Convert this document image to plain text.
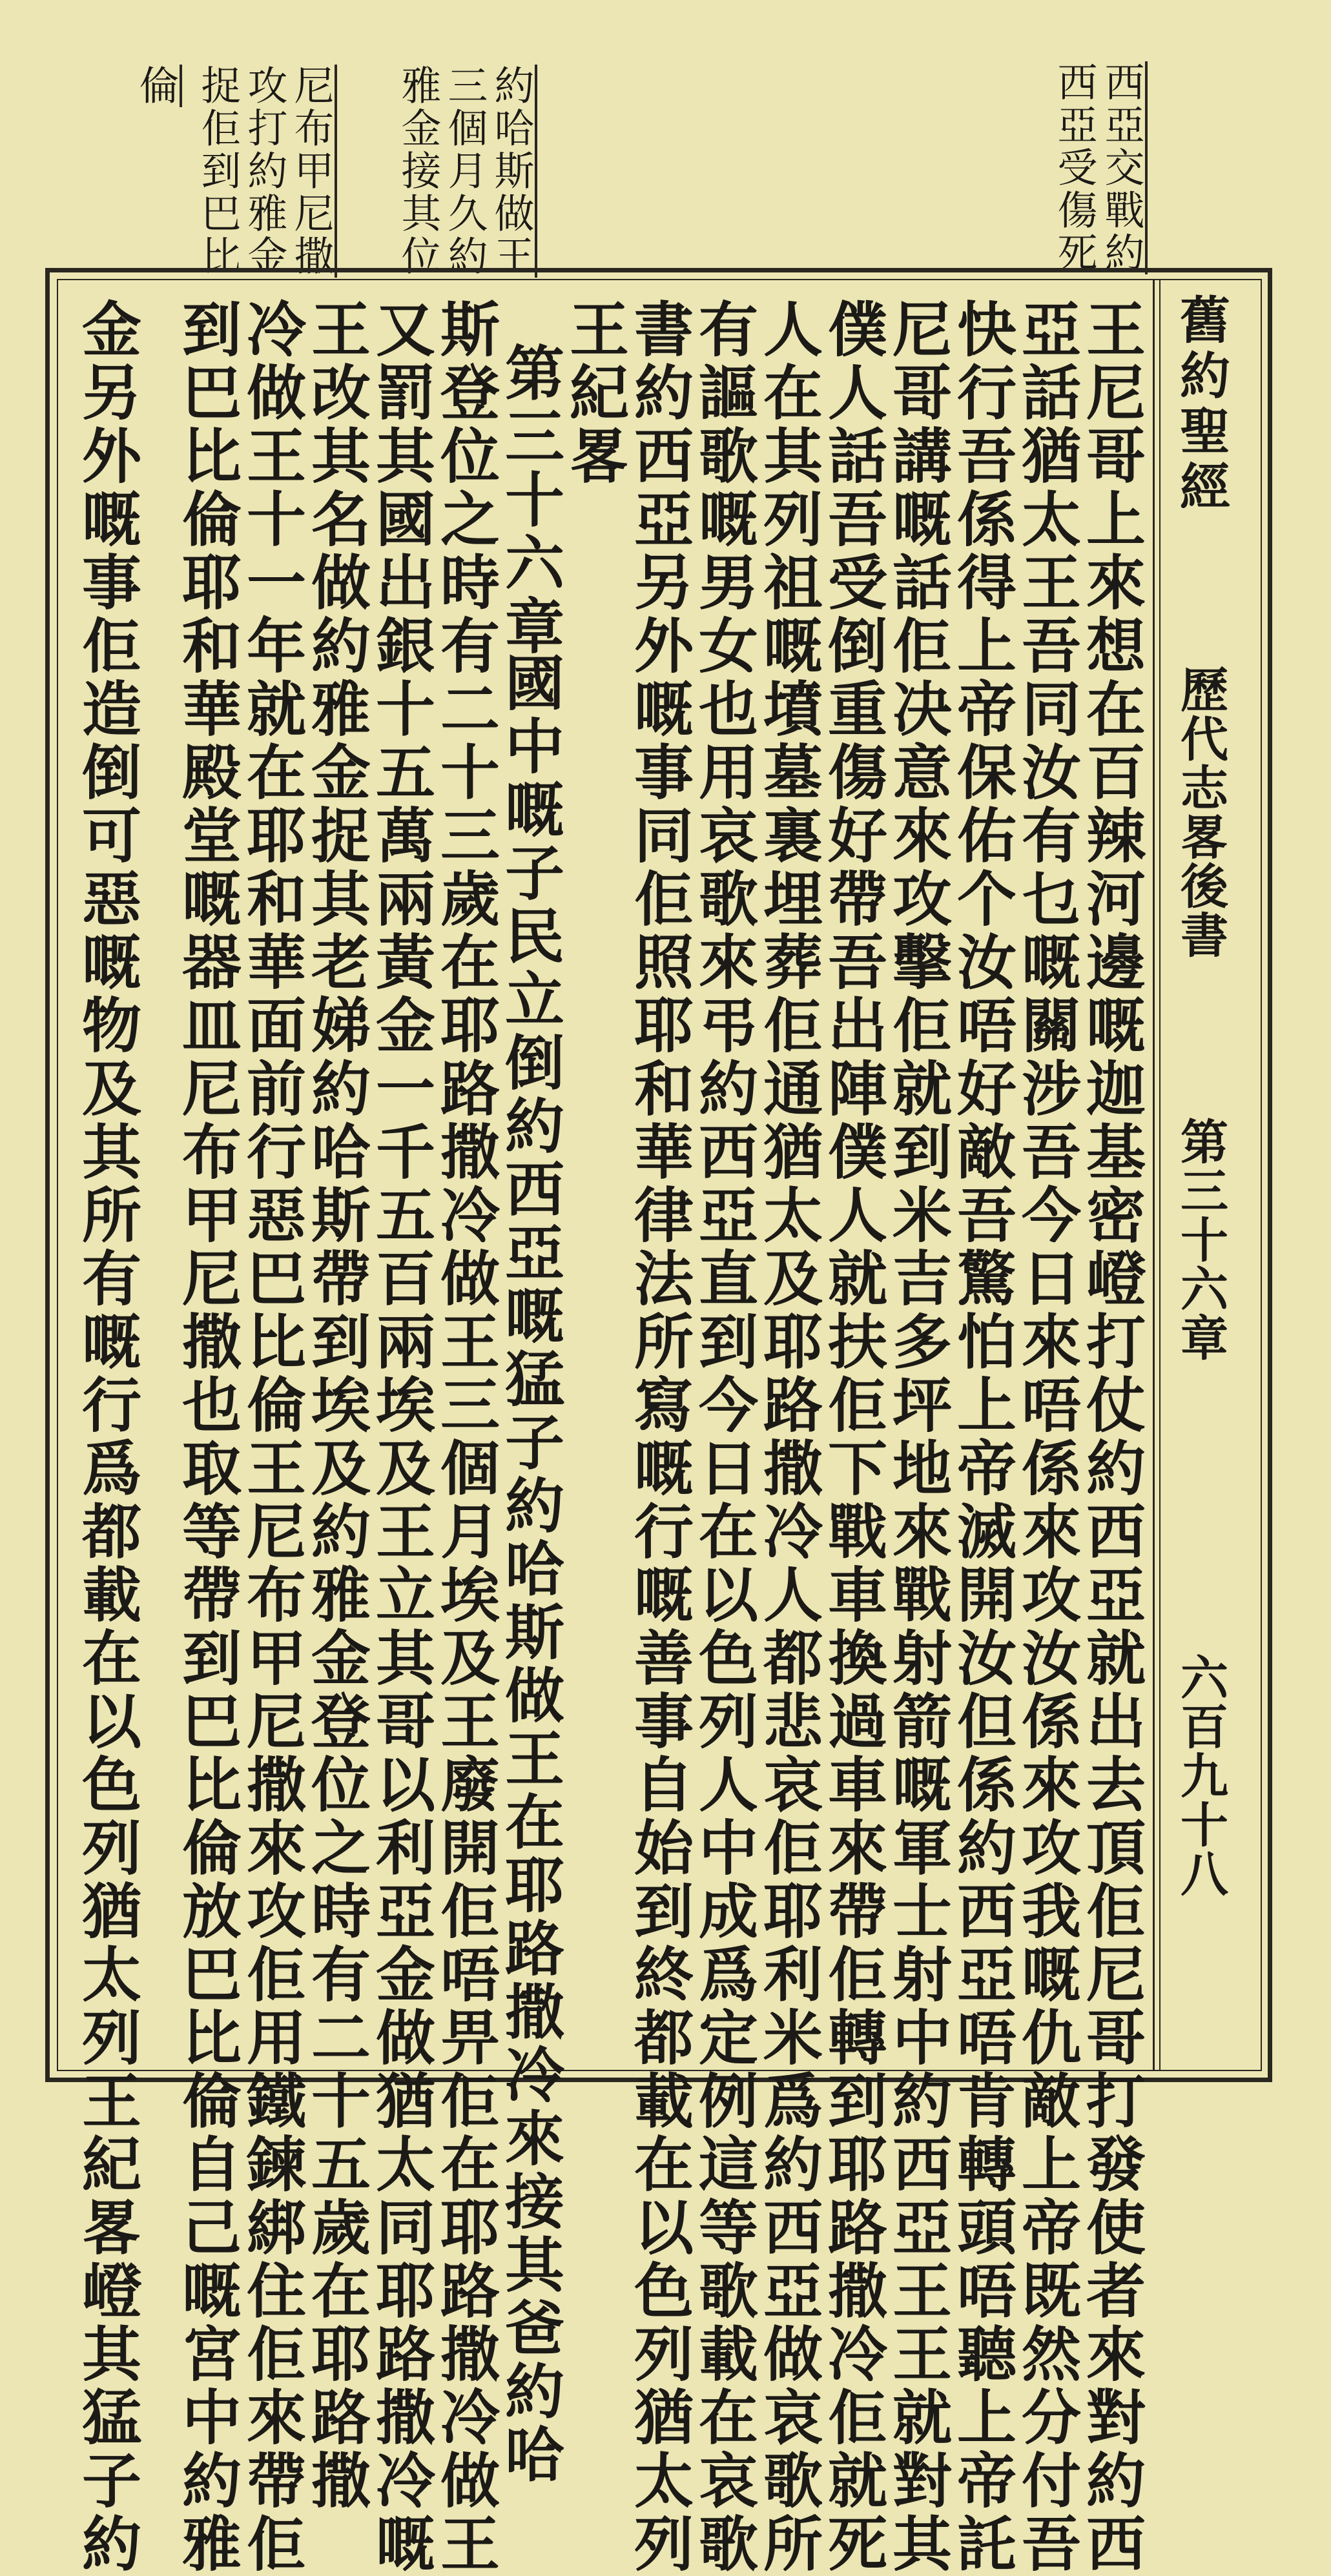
西亞交戰約
西亞受傷死
約哈斯做王
三個月久約
雅金接其位
尼布甲尼撒
攻打約雅金
捉佢到巴比
倫
舊約聖經
歷代志畧後書
第三十六章
六百九十八
王尼哥上來想在百辣河邊嘅迦基密嶝打仗約西亞就出去頂佢尼哥打發使者來對約西
亞話猶太王吾同汝有乜嘅關涉吾今日來唔係來攻汝係來攻我嘅仇敵上帝既然分付吾
快行吾係得上帝保佑个汝唔好敵吾驚怕上帝滅開汝但係約西亞唔肯轉頭唔聽上帝託
尼哥講嘅話佢决意來攻擊佢就到米吉多坪地來戰射箭嘅軍士射中約西亞王王就對其
僕人話吾受倒重傷好帶吾出陣僕人就扶佢下戰車換過車來帶佢轉到耶路撒冷佢就死
人在其列祖嘅墳墓裏埋葬佢通猶太及耶路撒冷人都悲哀佢耶利米爲約西亞做哀歌所
有謳歌嘅男女也用哀歌來弔約西亞直到今日在以色列人中成爲定例這等歌載在哀歌
書約西亞另外嘅事同佢照耶和華律法所寫嘅行嘅善事自始到終都載在以色列猶太列
王紀畧
第三十六章
國中嘅子民立倒約西亞嘅猛子約哈斯做王在耶路撒冷來接其爸約哈
斯登位之時有二十三歲在耶路撒冷做王三個月埃及王廢開佢唔畀佢在耶路撒冷做王
又罰其國出銀十五萬兩黃金一千五百兩埃及王立其哥以利亞金做猶太同耶路撒冷嘅
王改其名做約雅金捉其老娣約哈斯帶到埃及約雅金登位之時有二十五歲在耶路撒
冷做王十一年就在耶和華面前行惡巴比倫王尼布甲尼撒來攻佢用鐵鍊綁住佢來帶佢
到巴比倫耶和華殿堂嘅器皿尼布甲尼撒也取等帶到巴比倫放巴比倫自己嘅宮中約雅
金另外嘅事佢造倒可惡嘅物及其所有嘅行爲都載在以色列猶太列王紀畧嶝其猛子約
